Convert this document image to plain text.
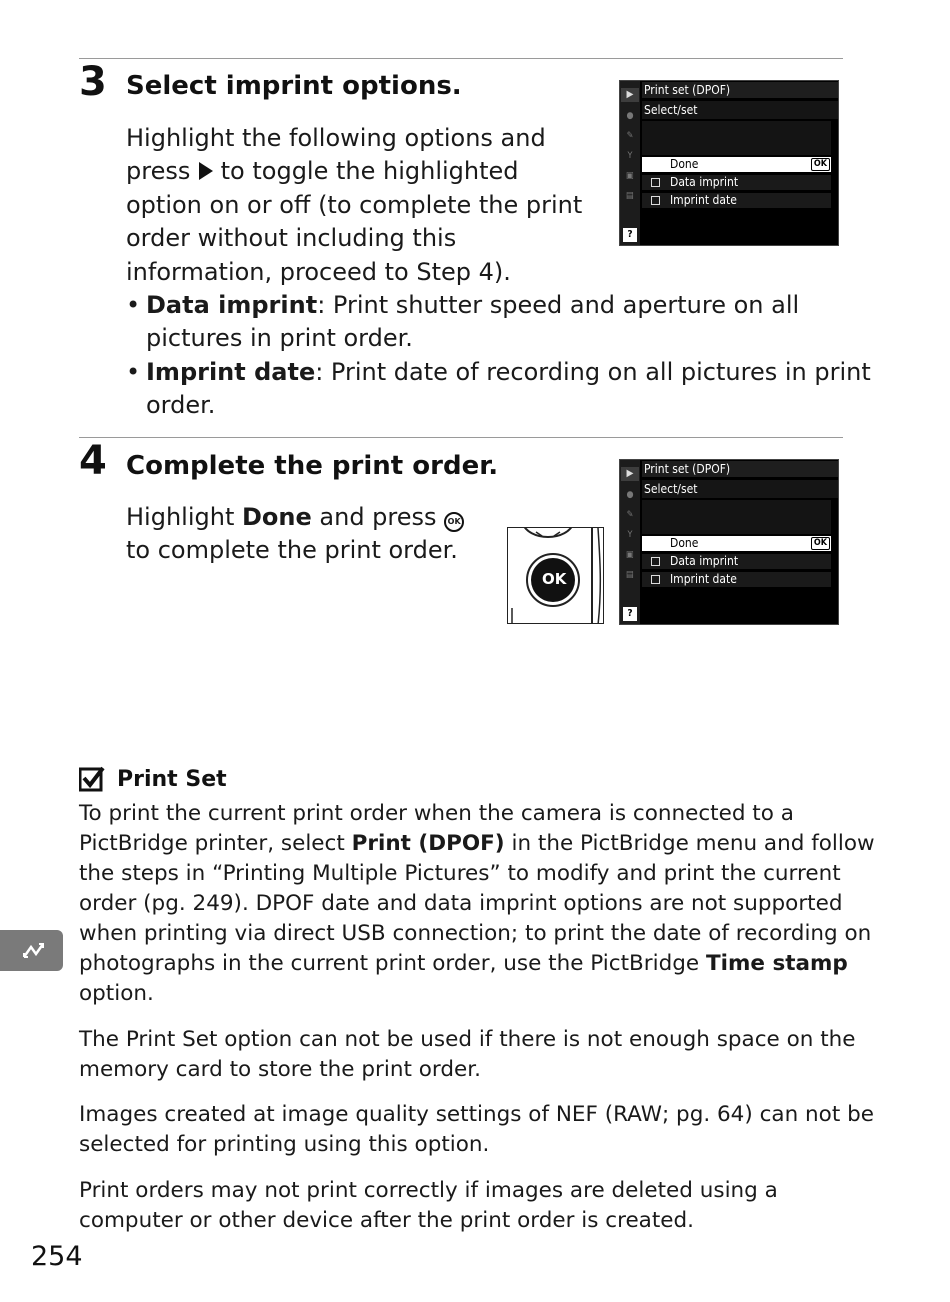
3 Select imprint options.
Highlight the following options and
press to toggle the highlighted
option on or off (to complete the print
order without including this
information, proceed to Step 4).
• Data imprint: Print shutter speed and aperture on all
pictures in print order.
• Imprint date: Print date of recording on all pictures in print
order.
▶
●
✎
Y
▣
▤
?
Print set (DPOF)
Select/set
Done	OK
Data imprint
Imprint date
4 Complete the print order.
Highlight Done and press OK
to complete the print order.
OK
▶
●
✎
Y
▣
▤
?
Print set (DPOF)
Select/set
Done	OK
Data imprint
Imprint date
Print Set
To print the current print order when the camera is connected to a
PictBridge printer, select Print (DPOF) in the PictBridge menu and follow
the steps in “Printing Multiple Pictures” to modify and print the current
order (pg. 249). DPOF date and data imprint options are not supported
when printing via direct USB connection; to print the date of recording on
photographs in the current print order, use the PictBridge Time stamp
option.
The Print Set option can not be used if there is not enough space on the
memory card to store the print order.
Images created at image quality settings of NEF (RAW; pg. 64) can not be
selected for printing using this option.
Print orders may not print correctly if images are deleted using a
computer or other device after the print order is created.
254
